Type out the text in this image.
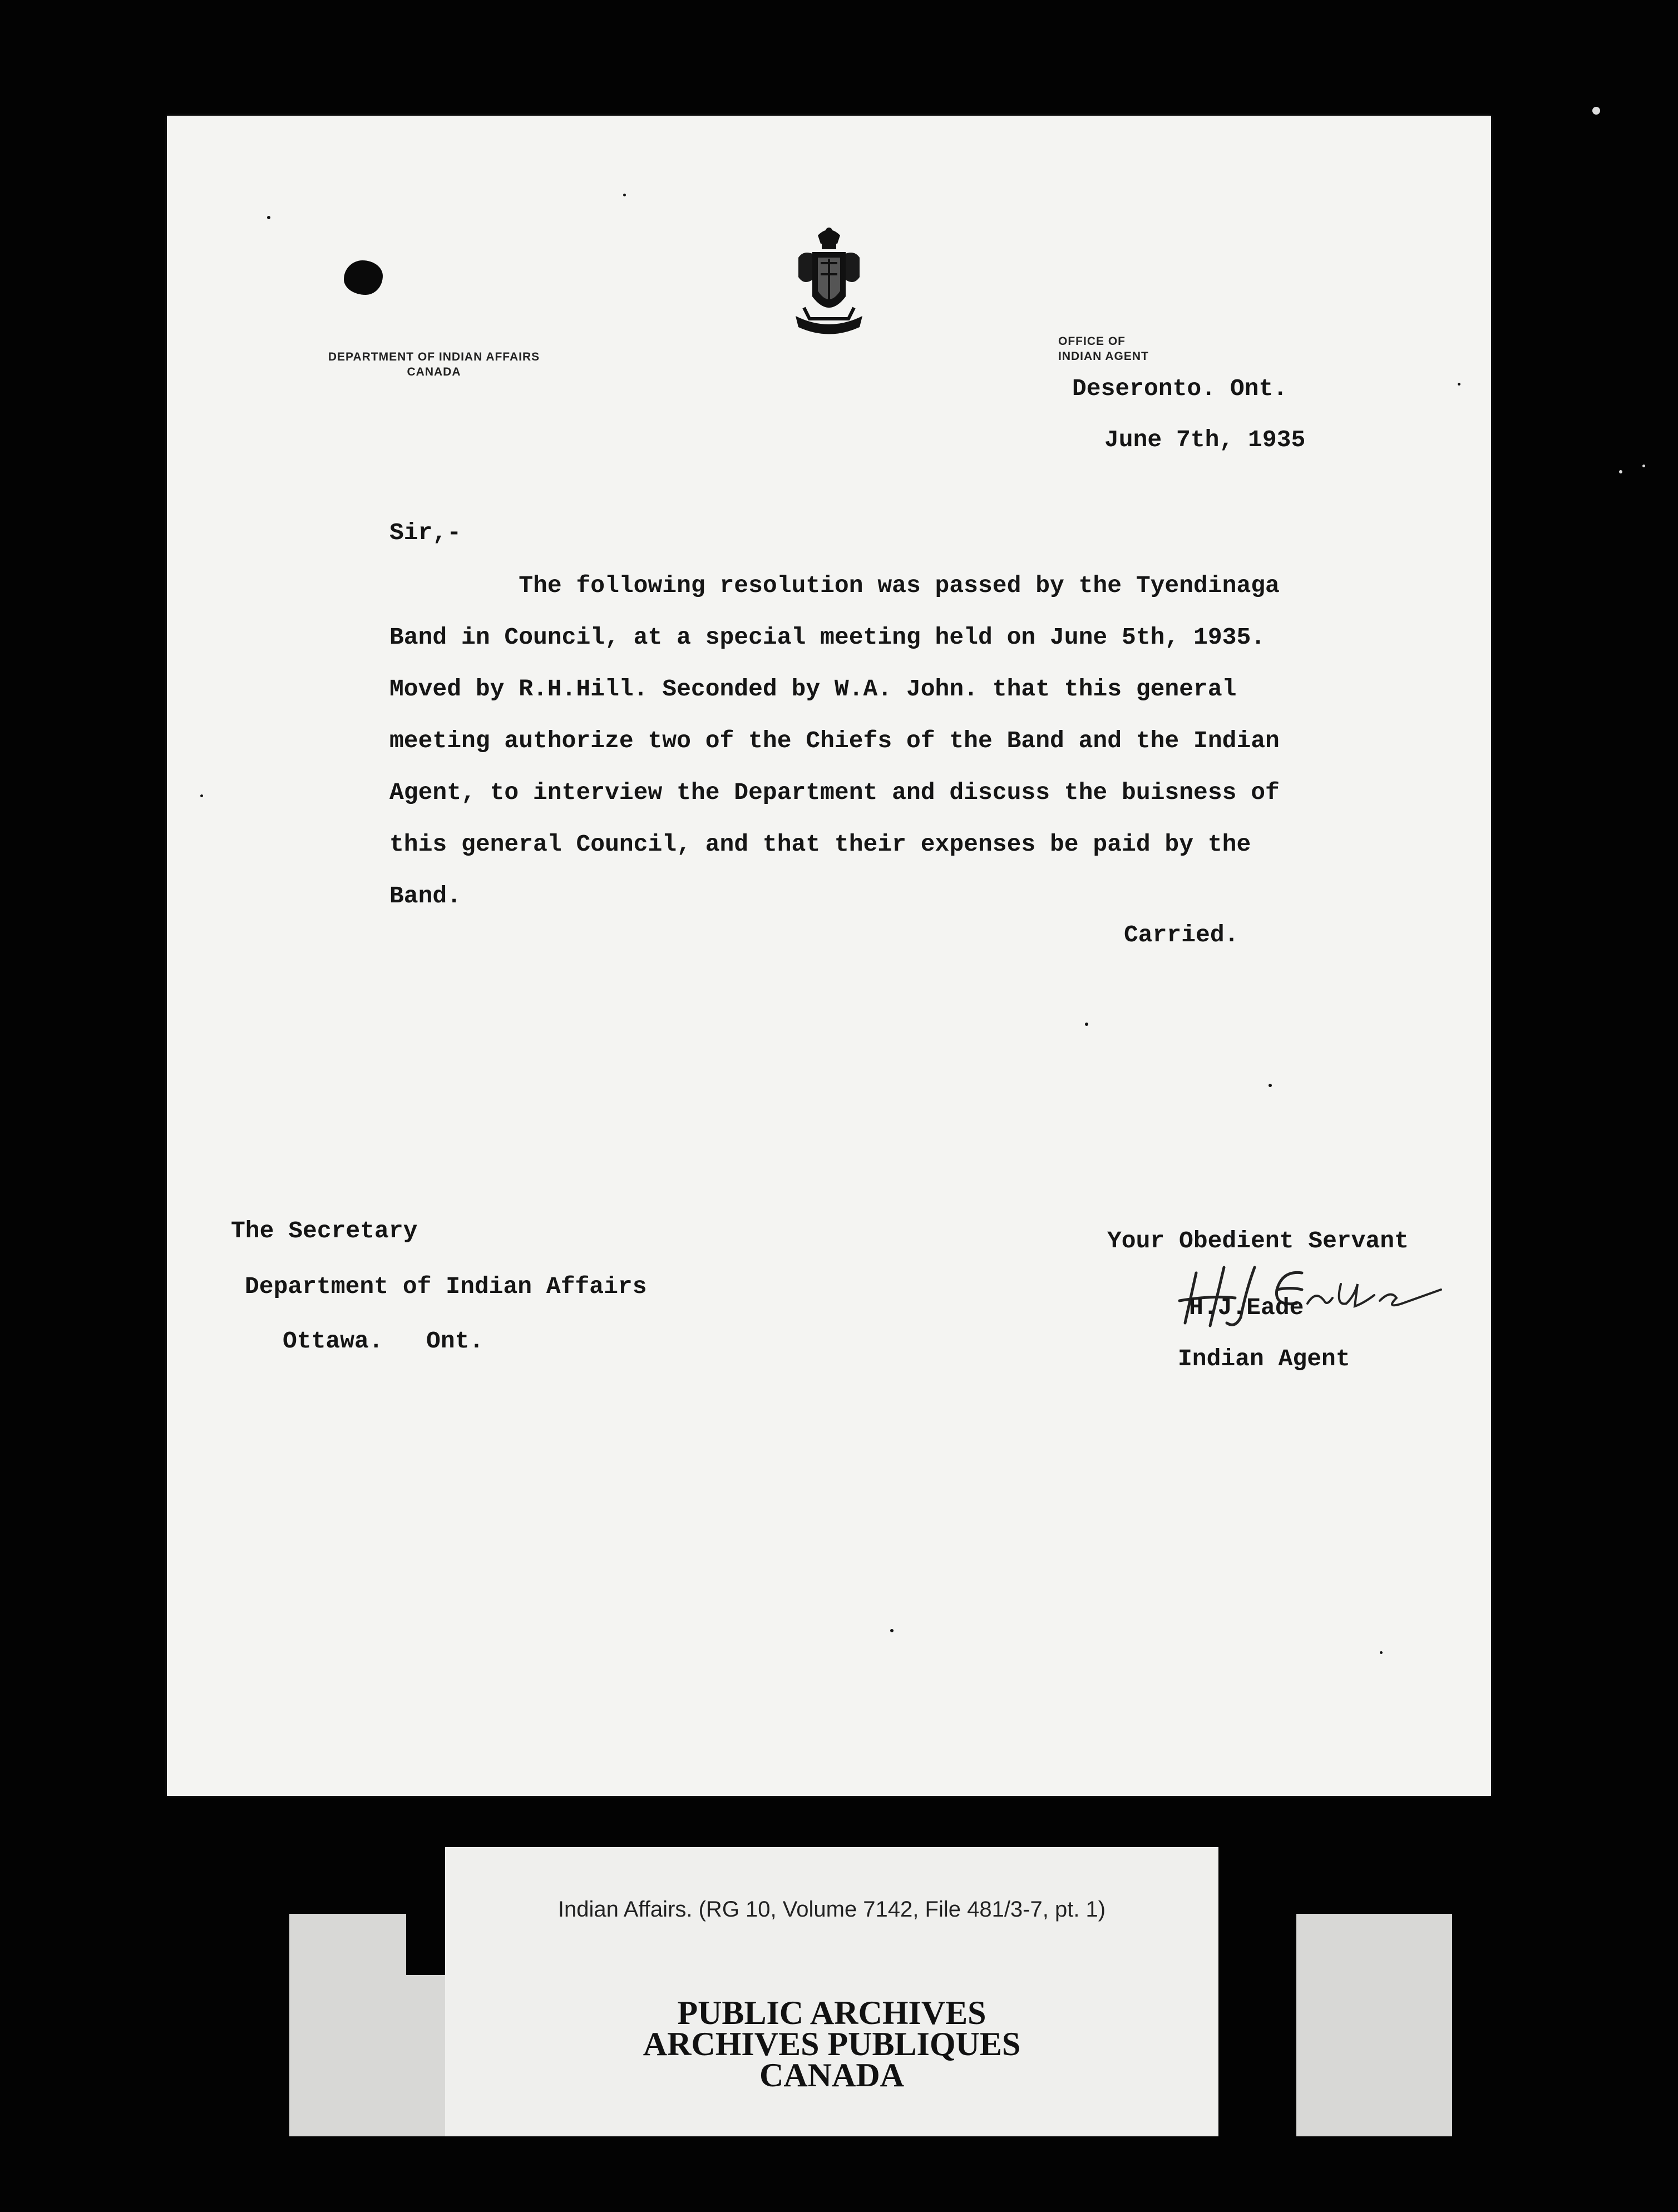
DEPARTMENT OF INDIAN AFFAIRS
CANADA
OFFICE OF
INDIAN AGENT
Deseronto. Ont.
June 7th, 1935
Sir,-
The following resolution was passed by the Tyendinaga
Band in Council, at a special meeting held on June 5th, 1935.
Moved by R.H.Hill. Seconded by W.A. John. that this general
meeting authorize two of the Chiefs of the Band and the Indian
Agent, to interview the Department and discuss the buisness of
this general Council, and that their expenses be paid by the
Band.
Carried.
The Secretary
Department of Indian Affairs
Ottawa.   Ont.
Your Obedient Servant
H.J.Eade
Indian Agent
Indian Affairs. (RG 10, Volume 7142, File 481/3-7, pt. 1)
PUBLIC ARCHIVES
ARCHIVES PUBLIQUES
CANADA
